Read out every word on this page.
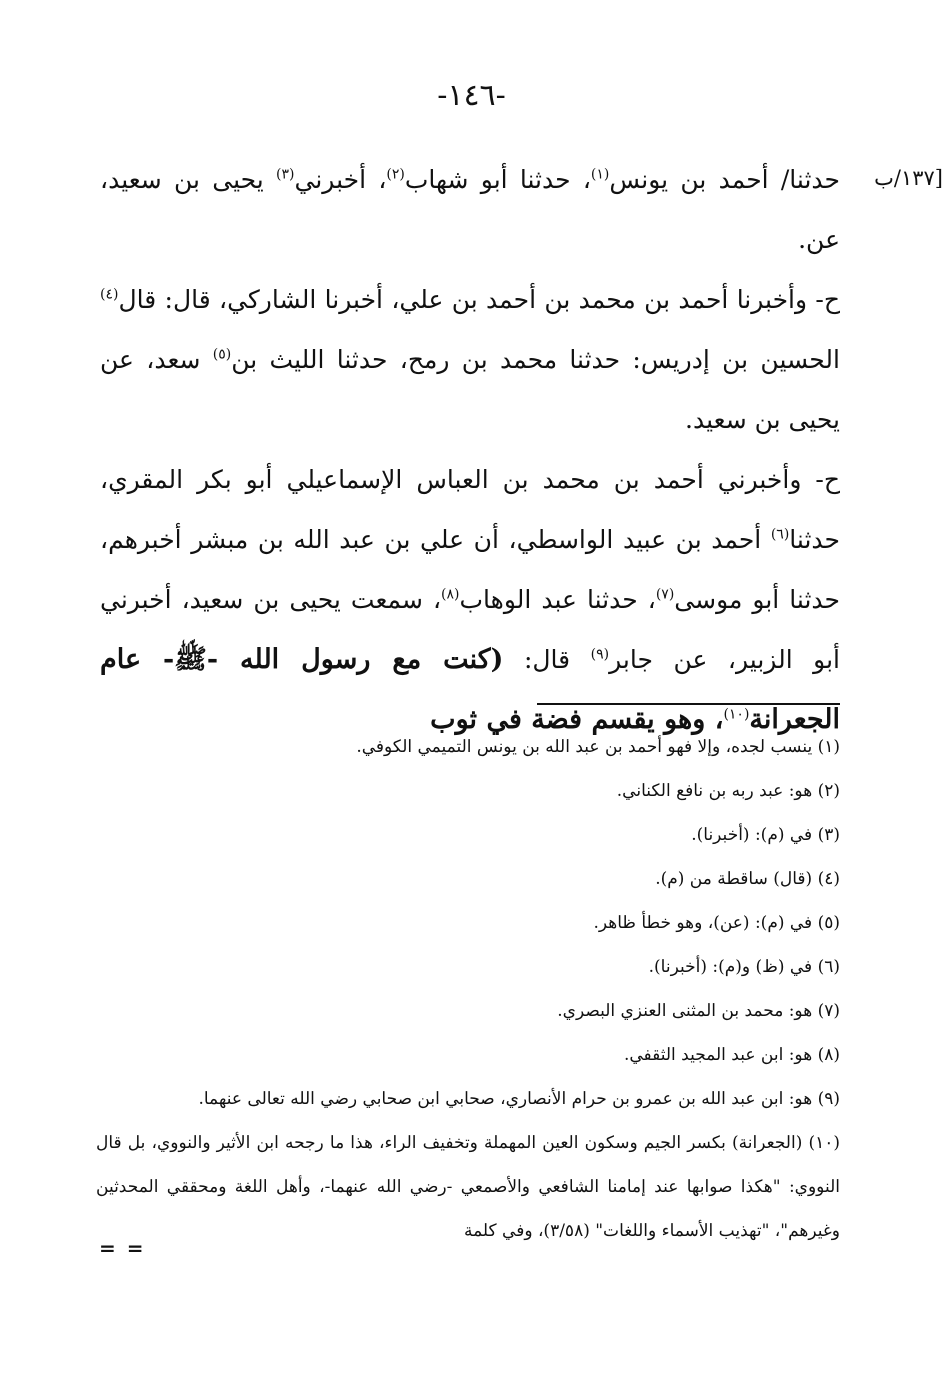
-١٤٦-
[١٣٧/ب

حدثنا/ أحمد بن يونس$^{(١)}$، حدثنا أبو شهاب$^{(٢)}$، أخبرني$^{(٣)}$ يحيى بن سعيد، عن.

ح- وأخبرنا أحمد بن محمد بن أحمد بن علي، أخبرنا الشاركي، قال: قال$^{(٤)}$ الحسين بن إدريس: حدثنا محمد بن رمح، حدثنا الليث بن$^{(٥)}$ سعد، عن يحيى بن سعيد.

ح- وأخبرني أحمد بن محمد بن العباس الإسماعيلي أبو بكر المقري، حدثنا$^{(٦)}$ أحمد بن عبيد الواسطي، أن علي بن عبد الله بن مبشر أخبرهم، حدثنا أبو موسى$^{(٧)}$، حدثنا عبد الوهاب$^{(٨)}$، سمعت يحيى بن سعيد، أخبرني أبو الزبير، عن جابر$^{(٩)}$ قال: (كنت مع رسول الله -ﷺ- عام الجعرانة$^{(١٠)}$، وهو يقسم فضة في ثوب

(١) ينسب لجده، وإلا فهو أحمد بن عبد الله بن يونس التميمي الكوفي.

(٢) هو: عبد ربه بن نافع الكناني.

(٣) في (م): (أخبرنا).

(٤) (قال) ساقطة من (م).

(٥) في (م): (عن)، وهو خطأ ظاهر.

(٦) في (ظ) و(م): (أخبرنا).

(٧) هو: محمد بن المثنى العنزي البصري.

(٨) هو: ابن عبد المجيد الثقفي.

(٩) هو: ابن عبد الله بن عمرو بن حرام الأنصاري، صحابي ابن صحابي رضي الله تعالى عنهما.

(١٠) (الجعرانة) بكسر الجيم وسكون العين المهملة وتخفيف الراء، هذا ما رجحه ابن الأثير والنووي، بل قال النووي: "هكذا صوابها عند إمامنا الشافعي والأصمعي -رضي الله عنهما-، وأهل اللغة ومحققي المحدثين وغيرهم"، "تهذيب الأسماء واللغات" (٣/٥٨)، وفي كلمة

= =
